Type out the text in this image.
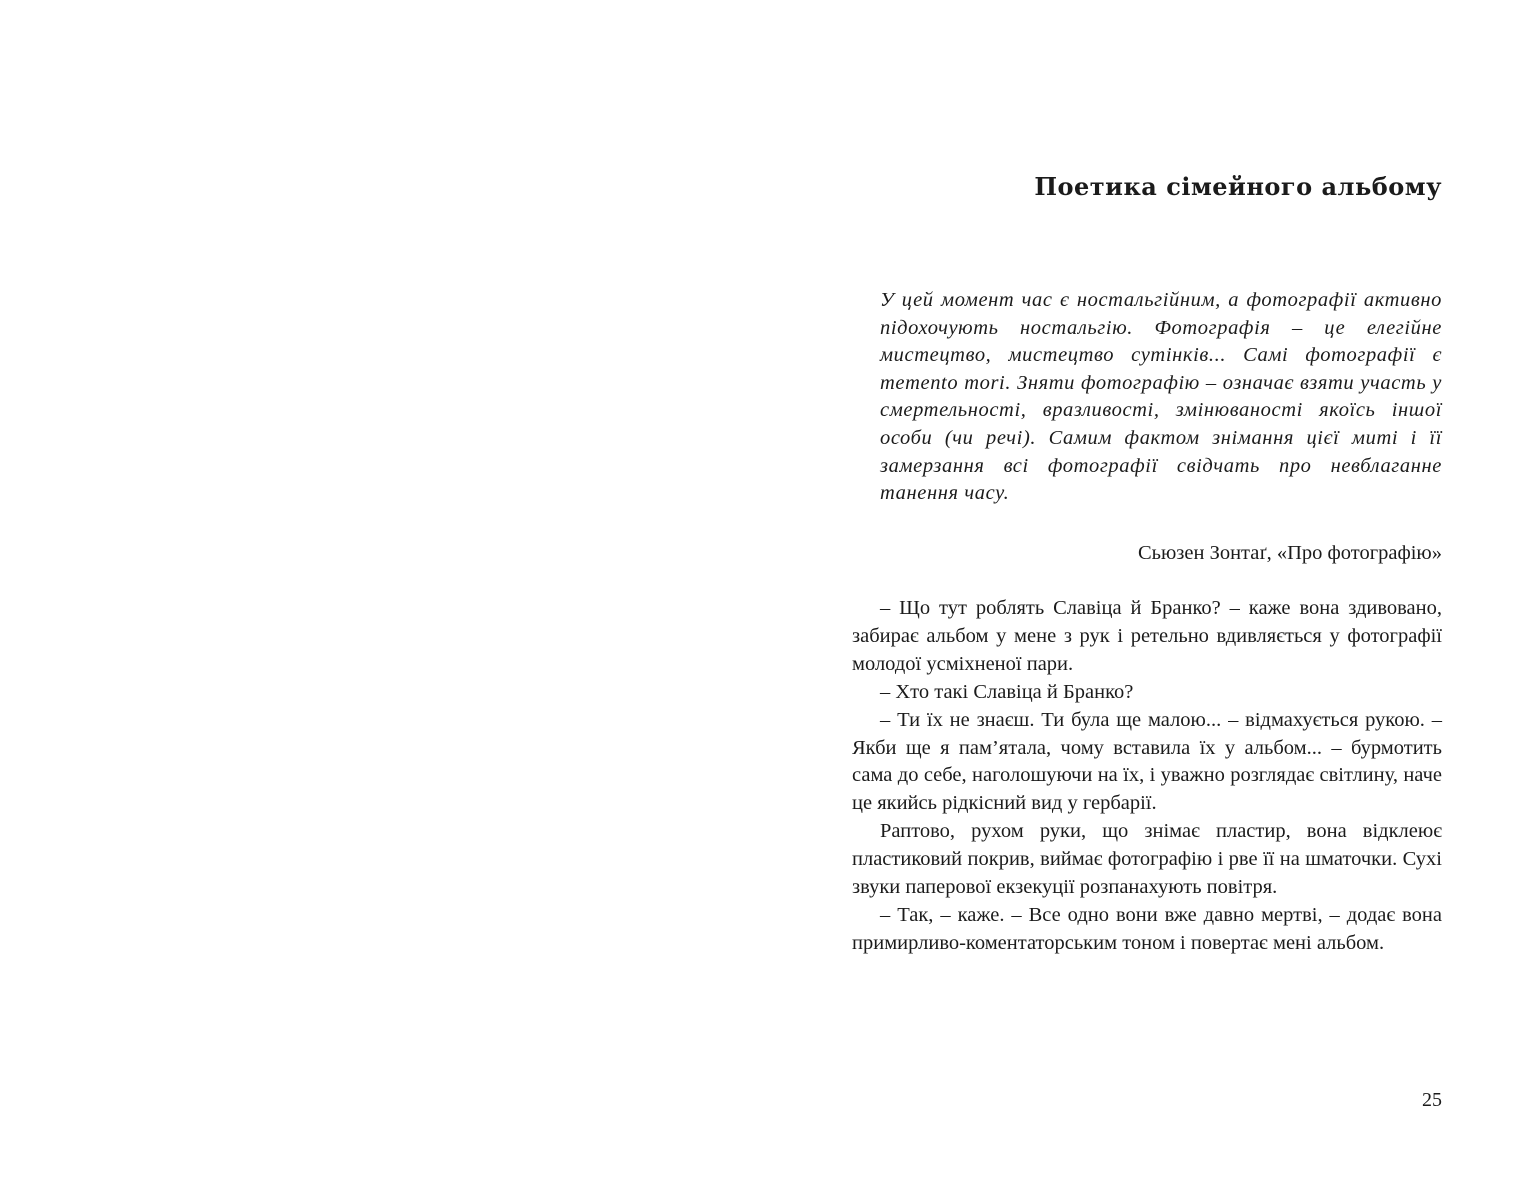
Поетика сімейного альбому
У цей момент час є ностальгійним, а фотографії активно підохочують ностальгію. Фотографія – це елегійне мистецтво, мистецтво сутінків... Самі фотографії є memento mori. Зняти фотографію – означає взяти участь у смертельності, вразливості, змінюваності якоїсь іншої особи (чи речі). Самим фактом знімання цієї миті і її замерзання всі фотографії свідчать про невблаганне танення часу.
Сьюзен Зонтаґ, «Про фотографію»

– Що тут роблять Славіца й Бранко? – каже вона здивовано, забирає альбом у мене з рук і ретельно вдивляється у фотографії молодої усміхненої пари.

– Хто такі Славіца й Бранко?

– Ти їх не знаєш. Ти була ще малою... – відмахується рукою. – Якби ще я пам’ятала, чому вставила їх у альбом... – бурмотить сама до себе, наголошуючи на їх, і уважно розглядає світлину, наче це якийсь рідкісний вид у гербарії.

Раптово, рухом руки, що знімає пластир, вона відклеює пластиковий покрив, виймає фотографію і рве її на шматочки. Сухі звуки паперової екзекуції розпанахують повітря.

– Так, – каже. – Все одно вони вже давно мертві, – додає вона примирливо-коментаторським тоном і повертає мені альбом.

25
